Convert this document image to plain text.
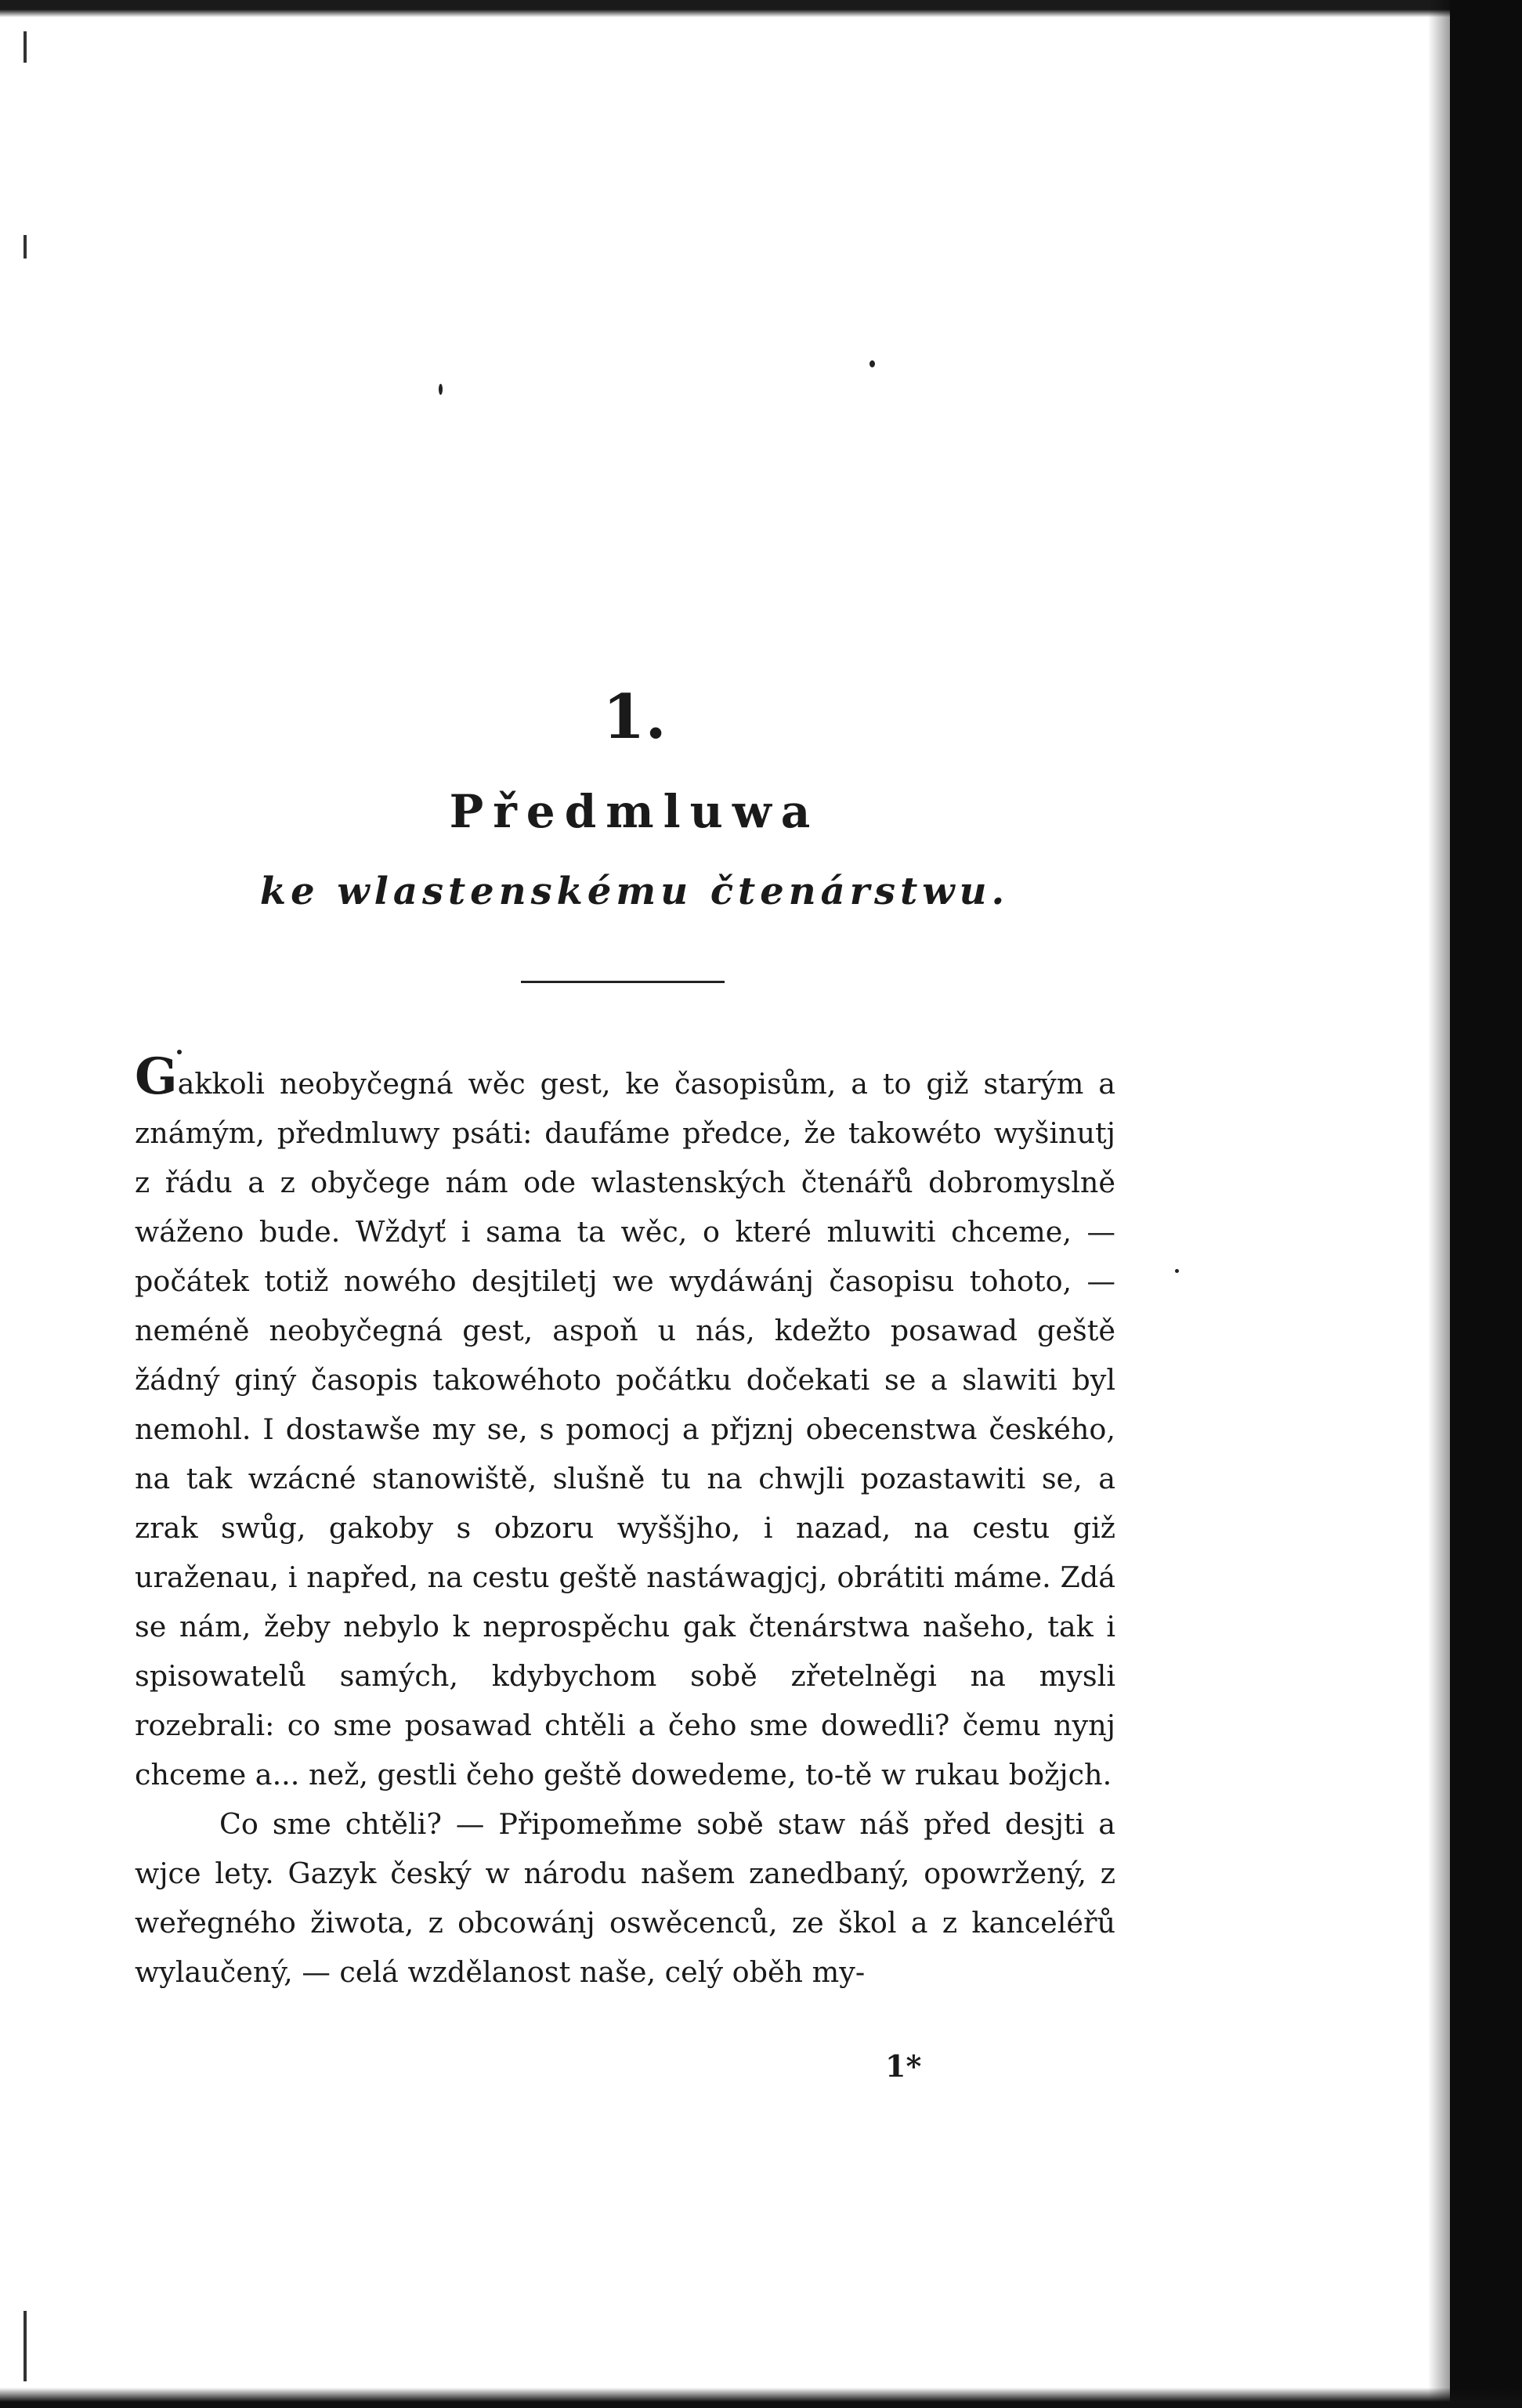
1.
Předmluwa
ke wlastenskému čtenárstwu.

Gakkoli neobyčegná wěc gest, ke časopisům, a to giž starým a známým, předmluwy psáti: daufáme předce, že takowéto wyšinutj z řádu a z obyčege nám ode wlastenských čtenářů dobromyslně wáženo bude. Wždyť i sama ta wěc, o které mluwiti chceme, — počátek totiž nowého desjtiletj we wydáwánj časopisu tohoto, — neméně neobyčegná gest, aspoň u nás, kdežto posawad geště žádný giný časopis takowéhoto počátku dočekati se a slawiti byl nemohl. I dostawše my se, s pomocj a přjznj obecenstwa českého, na tak wzácné stanowiště, slušně tu na chwjli pozastawiti se, a zrak swůg, gakoby s obzoru wyššjho, i nazad, na cestu giž uraženau, i napřed, na cestu geště nastáwagjcj, obrátiti máme. Zdá se nám, žeby nebylo k neprospěchu gak čtenárstwa našeho, tak i spisowatelů samých, kdybychom sobě zřetelněgi na mysli rozebrali: co sme posawad chtěli a čeho sme dowedli? čemu nynj chceme a... než, gestli čeho geště dowedeme, to-tě w rukau božjch.

Co sme chtěli? — Připomeňme sobě staw náš před desjti a wjce lety. Gazyk český w národu našem zanedbaný, opowržený, z weřegného žiwota, z obcowánj oswěcenců, ze škol a z kanceléřů wylaučený, — celá wzdělanost naše, celý oběh my-

1*
